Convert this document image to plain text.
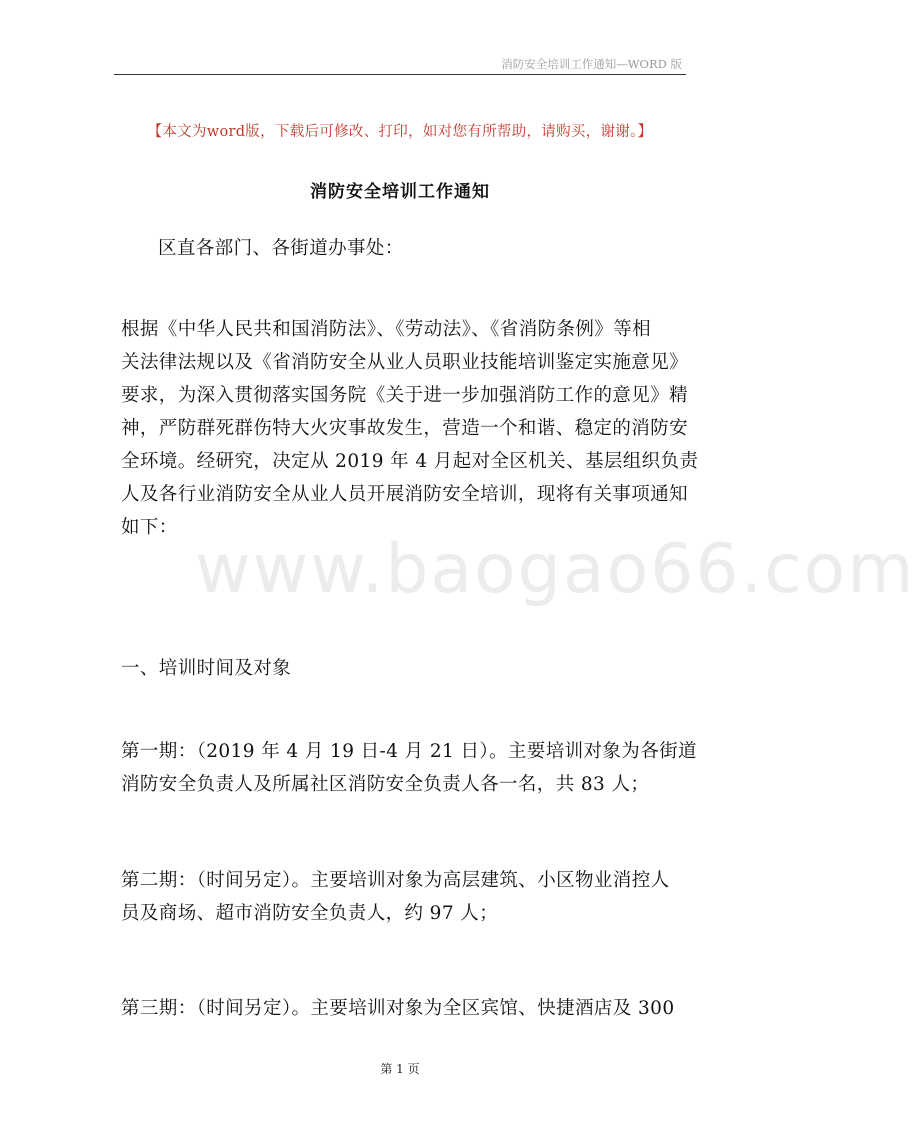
消防安全培训工作通知—WORD 版
【本文为word版，下载后可修改、打印，如对您有所帮助，请购买，谢谢。】
消防安全培训工作通知
区直各部门、各街道办事处：
www.baogao66.com
根据《中华人民共和国消防法》、《劳动法》、《省消防条例》等相
关法律法规以及《省消防安全从业人员职业技能培训鉴定实施意见》
要求，为深入贯彻落实国务院《关于进一步加强消防工作的意见》精
神，严防群死群伤特大火灾事故发生，营造一个和谐、稳定的消防安
全环境。经研究，决定从 2019 年 4 月起对全区机关、基层组织负责
人及各行业消防安全从业人员开展消防安全培训，现将有关事项通知
如下：
一、培训时间及对象
第一期：（2019 年 4 月 19 日-4 月 21 日）。主要培训对象为各街道
消防安全负责人及所属社区消防安全负责人各一名，共 83 人；
第二期：（时间另定）。主要培训对象为高层建筑、小区物业消控人
员及商场、超市消防安全负责人，约 97 人；
第三期：（时间另定）。主要培训对象为全区宾馆、快捷酒店及 300
第 1 页
